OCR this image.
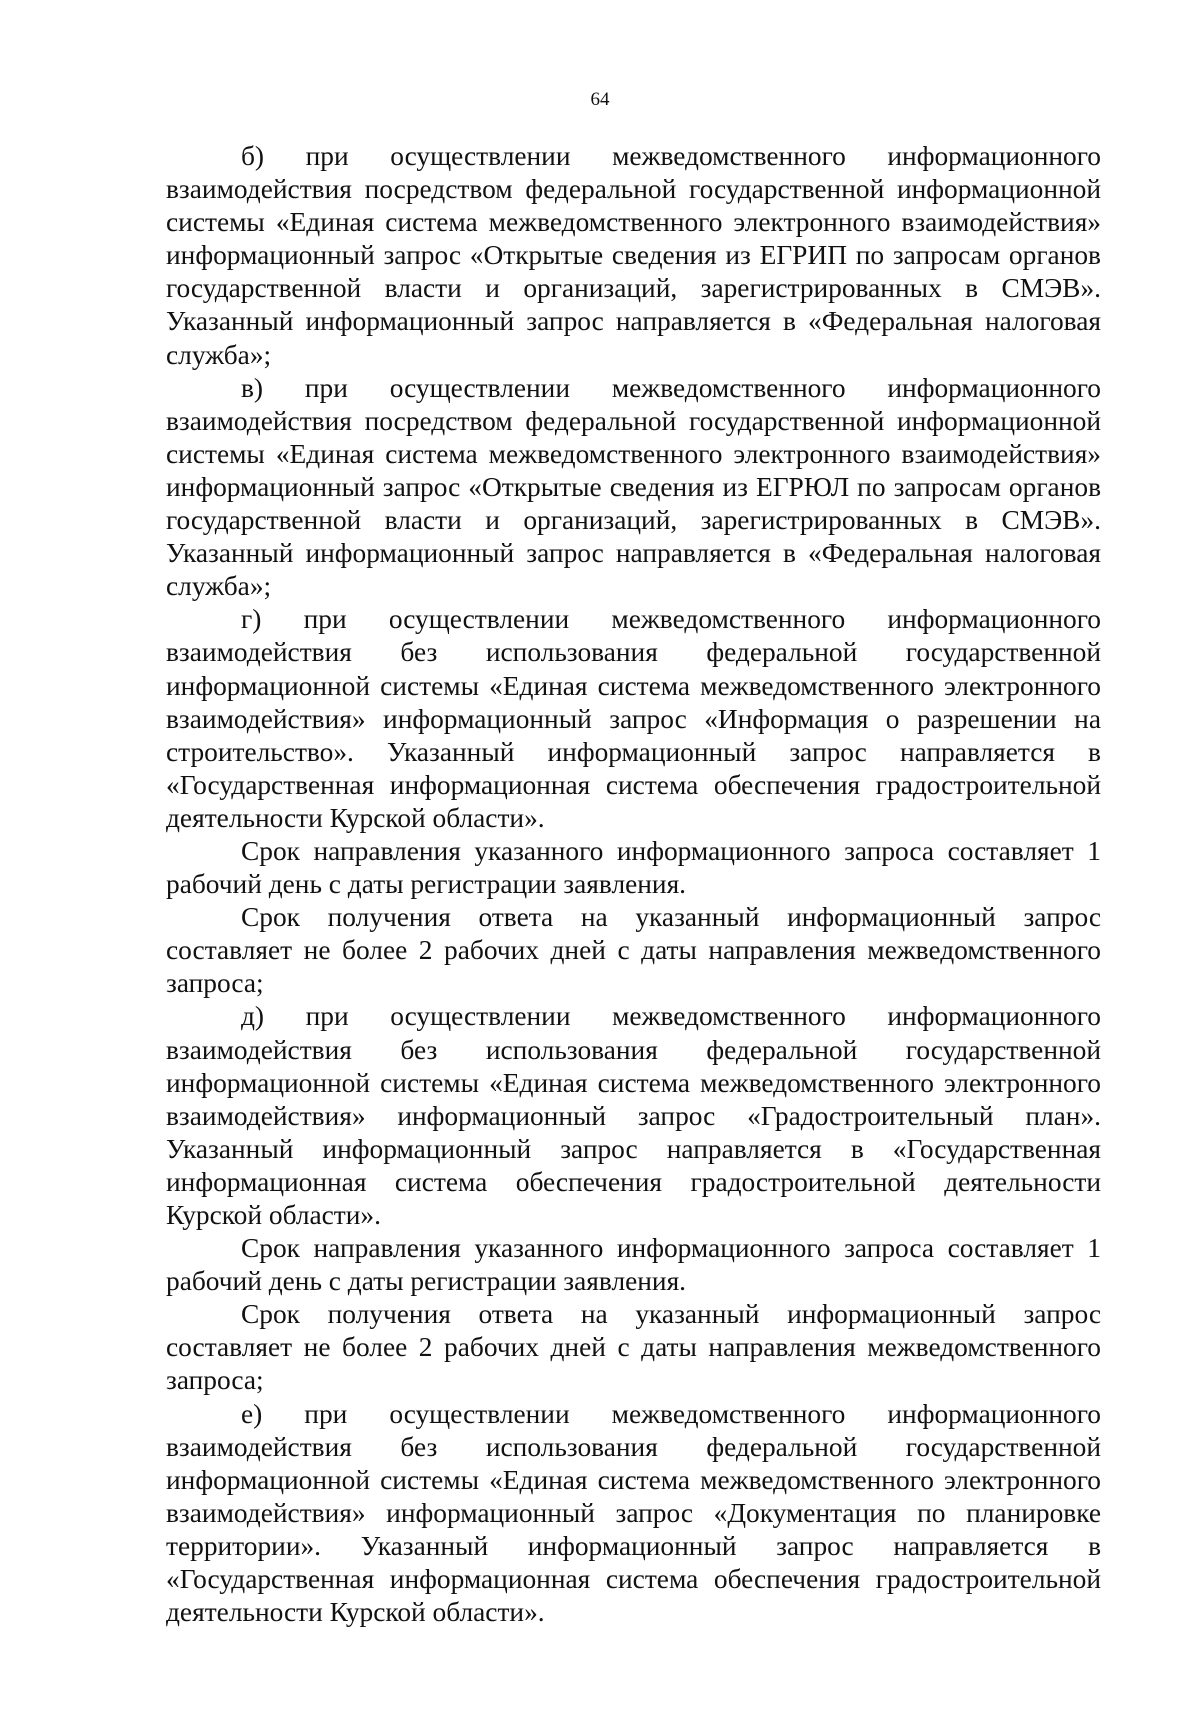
64

б) при осуществлении межведомственного информационного взаимодействия посредством федеральной государственной информационной системы «Единая система межведомственного электронного взаимодействия» информационный запрос «Открытые сведения из ЕГРИП по запросам органов государственной власти и организаций, зарегистрированных в СМЭВ». Указанный информационный запрос направляется в «Федеральная налоговая служба»;

в) при осуществлении межведомственного информационного взаимодействия посредством федеральной государственной информационной системы «Единая система межведомственного электронного взаимодействия» информационный запрос «Открытые сведения из ЕГРЮЛ по запросам органов государственной власти и организаций, зарегистрированных в СМЭВ». Указанный информационный запрос направляется в «Федеральная налоговая служба»;

г) при осуществлении межведомственного информационного взаимодействия без использования федеральной государственной информационной системы «Единая система межведомственного электронного взаимодействия» информационный запрос «Информация о разрешении на строительство». Указанный информационный запрос направляется в «Государственная информационная система обеспечения градостроительной деятельности Курской области».

Срок направления указанного информационного запроса составляет 1 рабочий день с даты регистрации заявления.

Срок получения ответа на указанный информационный запрос составляет не более 2 рабочих дней с даты направления межведомственного запроса;

д) при осуществлении межведомственного информационного взаимодействия без использования федеральной государственной информационной системы «Единая система межведомственного электронного взаимодействия» информационный запрос «Градостроительный план». Указанный информационный запрос направляется в «Государственная информационная система обеспечения градостроительной деятельности Курской области».

Срок направления указанного информационного запроса составляет 1 рабочий день с даты регистрации заявления.

Срок получения ответа на указанный информационный запрос составляет не более 2 рабочих дней с даты направления межведомственного запроса;

е) при осуществлении межведомственного информационного взаимодействия без использования федеральной государственной информационной системы «Единая система межведомственного электронного взаимодействия» информационный запрос «Документация по планировке территории». Указанный информационный запрос направляется в «Государственная информационная система обеспечения градостроительной деятельности Курской области».
